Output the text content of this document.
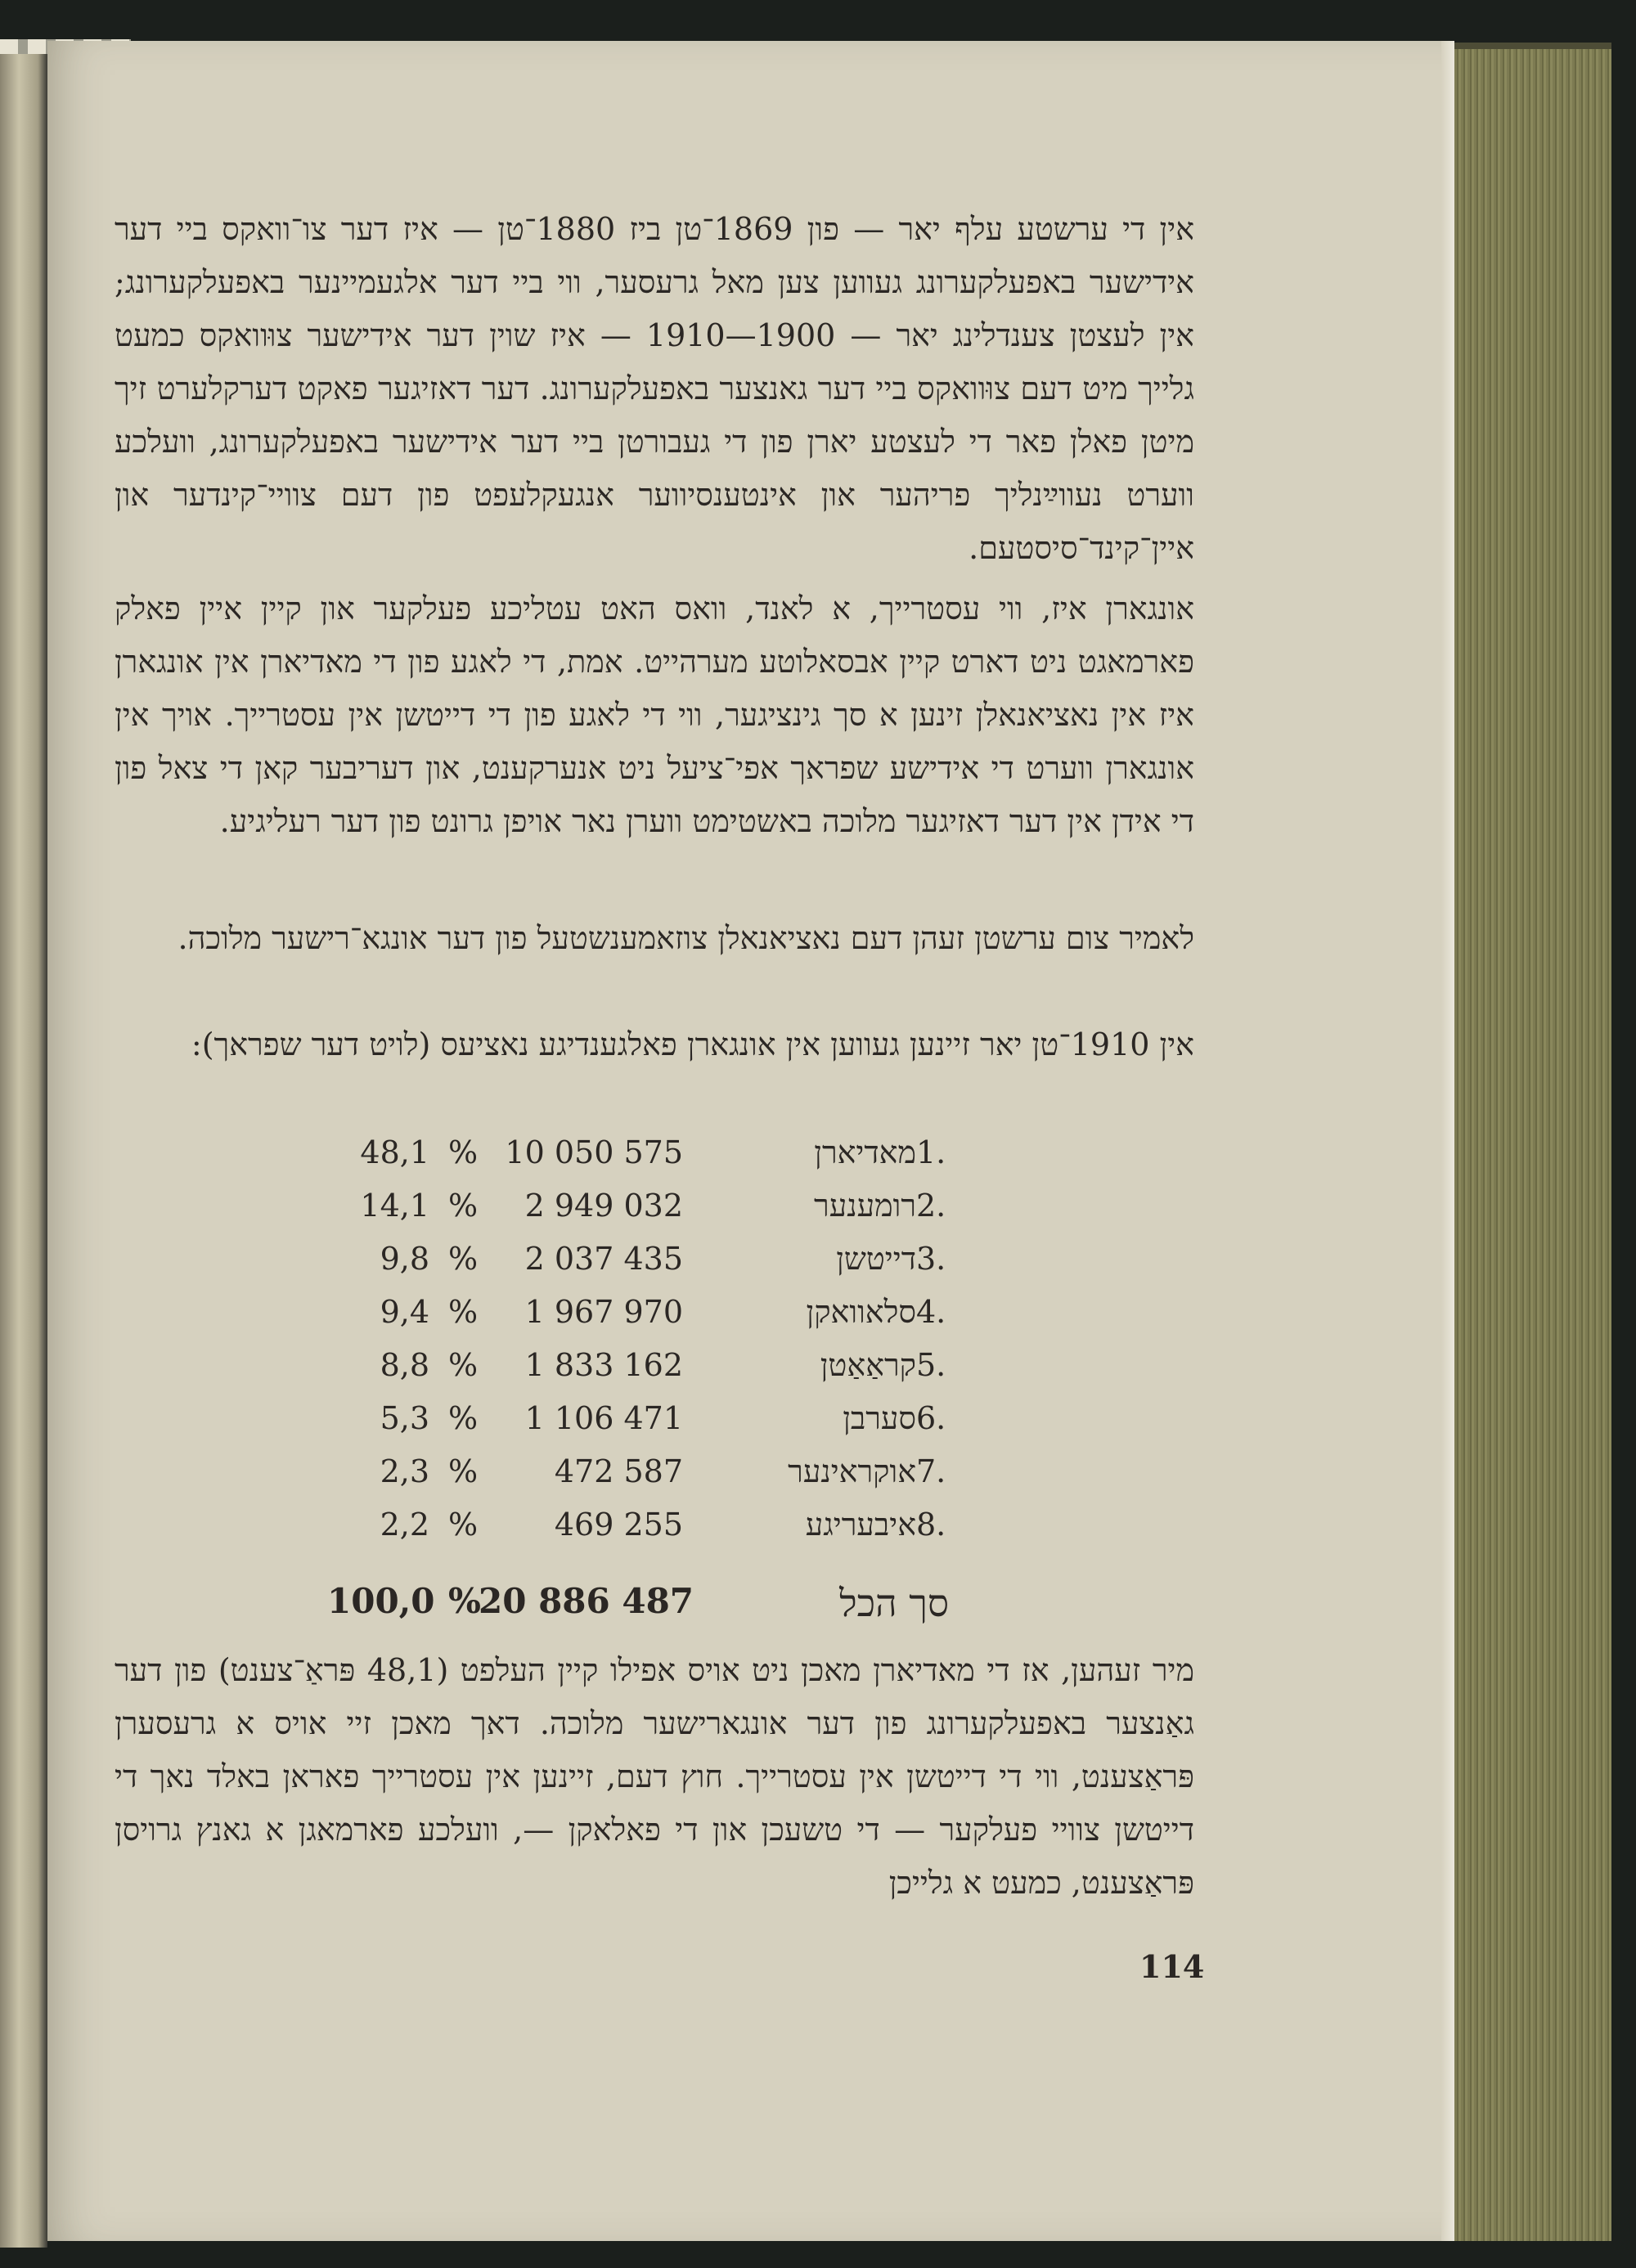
אין די ערשטע עלף יאר — פון 1869־טן ביז 1880־טן — איז דער צו־וואקס ביי דער אידישער באפעלקערונג געווען צען מאל גרעסער, ווי ביי דער אלגעמיינער באפעלקערונג; אין לעצטן צענדלינג יאר — 1900—1910 — איז שוין דער אידישער צוּוואקס כמעט גלייך מיט דעם צוּוואקס ביי דער גאנצער באפעלקערונג. דער דאזיגער פאקט דערקלערט זיך מיטן פאלן פאר די לעצטע יארן פון די געבורטן ביי דער אידישער באפעלקערונג, וועלכע ווערט נעווײַנליך פריהער און אינטענסיווער אנגעקלעפט פון דעם צוויי־קינדער און איין־קינד־סיסטעם.

אונגארן איז, ווי עסטרייך, א לאנד, וואס האט עטליכע פעלקער און קיין איין פאלק פארמאגט ניט דארט קיין אבסאלוטע מערהייט. אמת, די לאגע פון די מאדיארן אין אונגארן איז אין נאציאנאלן זינען א סך גינציגער, ווי די לאגע פון די דייטשן אין עסטרייך. אויך אין אונגארן ווערט די אידישע שפראך אפי־ציעל ניט אנערקענט, און דעריבער קאן די צאל פון די אידן אין דער דאזיגער מלוכה באשטימט ווערן נאר אויפן גרונט פון דער רעליגיע.

לאמיר צום ערשטן זעהן דעם נאציאנאלן צוזאמענשטעל פון דער אונגא־רישער מלוכה.

אין 1910־טן יאר זיינען געווען אין אונגארן פאלגענדיגע נאציעס (לויט דער שפראך):

1.
מאדיארן
10 050 575
%
48,1
2.
רומענער
2 949 032
%
14,1
3.
דייטשן
2 037 435
%
9,8
4.
סלאוואקן
1 967 970
%
9,4
5.
קראַאַטן
1 833 162
%
8,8
6.
סערבן
1 106 471
%
5,3
7.
אוקראינער
472 587
%
2,3
8.
איבעריגע
469 255
%
2,2
סך הכל
20 886 487
%
100,0

מיר זעהען, אז די מאדיארן מאכן ניט אויס אפילו קיין העלפט (48,1 פּראַ־צענט) פון דער גאַנצער באפעלקערונג פון דער אונגארישער מלוכה. דאך מאכן זיי אויס א גרעסערן פּראַצענט, ווי די דייטשן אין עסטרייך. חוץ דעם, זיינען אין עסטרייך פאראן באלד נאך די דייטשן צוויי פעלקער — די טשעכן און די פאלאקן —, וועלכע פארמאגן א גאנץ גרויסן פּראַצענט, כמעט א גלייכן

114
